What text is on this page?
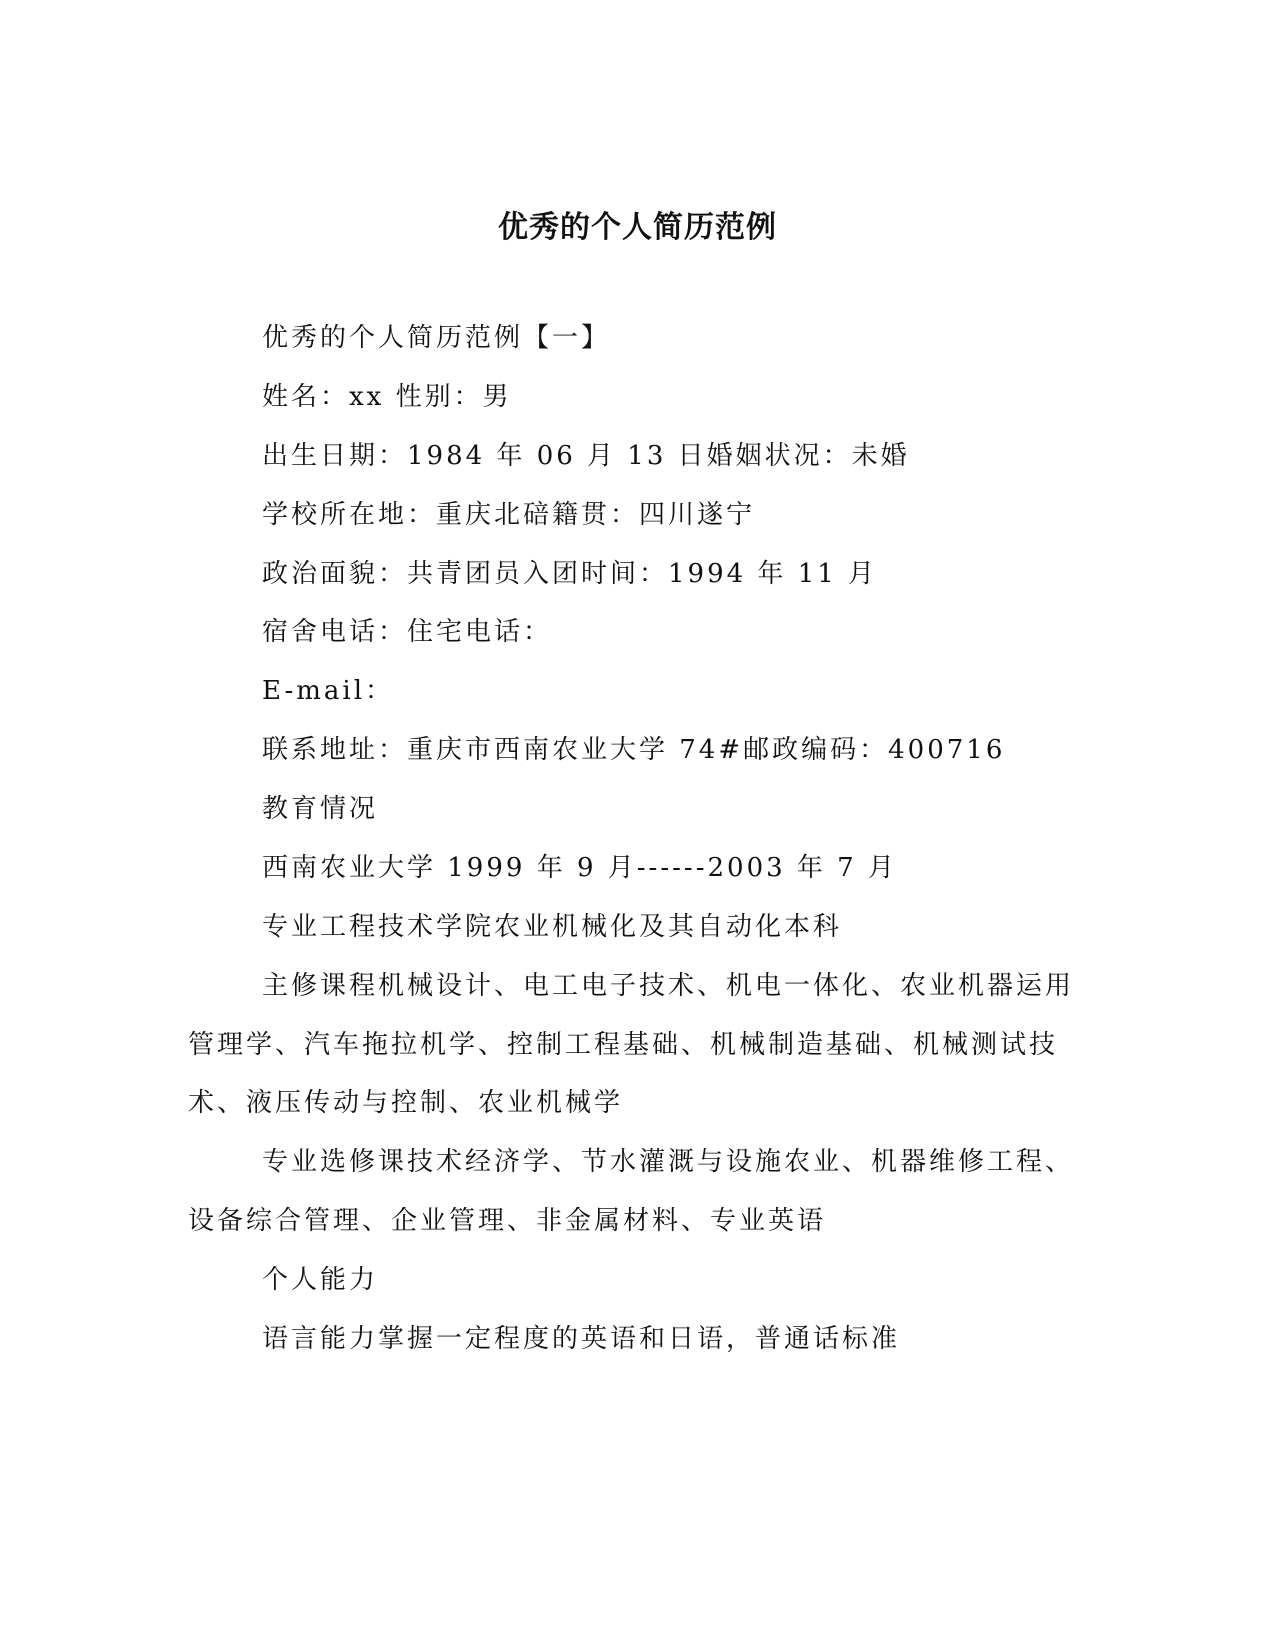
优秀的个人简历范例
优秀的个人简历范例【一】
姓名：xx 性别：男
出生日期：1984 年 06 月 13 日婚姻状况：未婚
学校所在地：重庆北碚籍贯：四川遂宁
政治面貌：共青团员入团时间：1994 年 11 月
宿舍电话：住宅电话：
E-mail：
联系地址：重庆市西南农业大学 74#邮政编码：400716
教育情况
西南农业大学 1999 年 9 月------2003 年 7 月
专业工程技术学院农业机械化及其自动化本科
主修课程机械设计、电工电子技术、机电一体化、农业机器运用
管理学、汽车拖拉机学、控制工程基础、机械制造基础、机械测试技
术、液压传动与控制、农业机械学
专业选修课技术经济学、节水灌溉与设施农业、机器维修工程、
设备综合管理、企业管理、非金属材料、专业英语
个人能力
语言能力掌握一定程度的英语和日语，普通话标准
